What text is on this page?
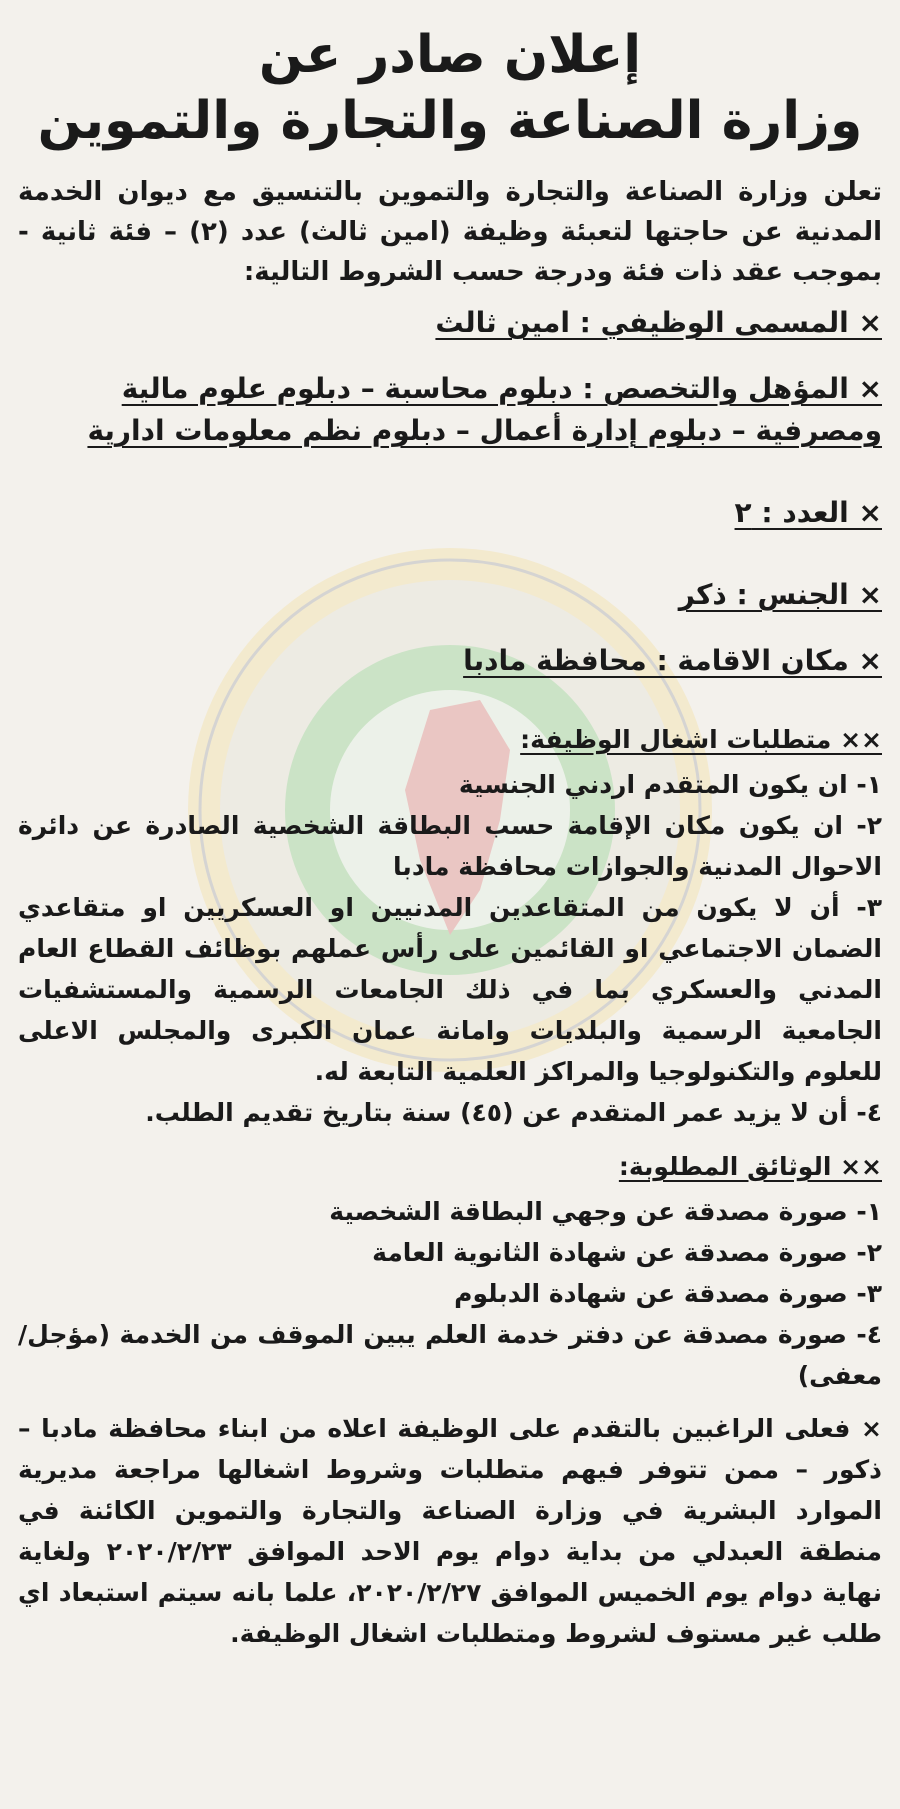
إعلان صادر عن
وزارة الصناعة والتجارة والتموين

تعلن وزارة الصناعة والتجارة والتموين بالتنسيق مع ديوان الخدمة المدنية عن حاجتها لتعبئة وظيفة (امين ثالث) عدد (٢) – فئة ثانية - بموجب عقد ذات فئة ودرجة حسب الشروط التالية:

× المسمى الوظيفي : امين ثالث

× المؤهل والتخصص : دبلوم محاسبة – دبلوم علوم مالية ومصرفية – دبلوم إدارة أعمال – دبلوم نظم معلومات ادارية

× العدد : ٢

× الجنس : ذكر

× مكان الاقامة : محافظة مادبا

×× متطلبات اشغال الوظيفة:

١- ان يكون المتقدم اردني الجنسية

٢- ان يكون مكان الإقامة حسب البطاقة الشخصية الصادرة عن دائرة الاحوال المدنية والجوازات محافظة مادبا

٣- أن لا يكون من المتقاعدين المدنيين او العسكريين او متقاعدي الضمان الاجتماعي او القائمين على رأس عملهم بوظائف القطاع العام المدني والعسكري بما في ذلك الجامعات الرسمية والمستشفيات الجامعية الرسمية والبلديات وامانة عمان الكبرى والمجلس الاعلى للعلوم والتكنولوجيا والمراكز العلمية التابعة له.

٤- أن لا يزيد عمر المتقدم عن (٤٥) سنة بتاريخ تقديم الطلب.

×× الوثائق المطلوبة:

١- صورة مصدقة عن وجهي البطاقة الشخصية

٢- صورة مصدقة عن شهادة الثانوية العامة

٣- صورة مصدقة عن شهادة الدبلوم

٤- صورة مصدقة عن دفتر خدمة العلم يبين الموقف من الخدمة (مؤجل/معفى)

× فعلى الراغبين بالتقدم على الوظيفة اعلاه من ابناء محافظة مادبا – ذكور – ممن تتوفر فيهم متطلبات وشروط اشغالها مراجعة مديرية الموارد البشرية في وزارة الصناعة والتجارة والتموين الكائنة في منطقة العبدلي من بداية دوام يوم الاحد الموافق ٢٠٢٠/٢/٢٣ ولغاية نهاية دوام يوم الخميس الموافق ٢٠٢٠/٢/٢٧، علما بانه سيتم استبعاد اي طلب غير مستوف لشروط ومتطلبات اشغال الوظيفة.
